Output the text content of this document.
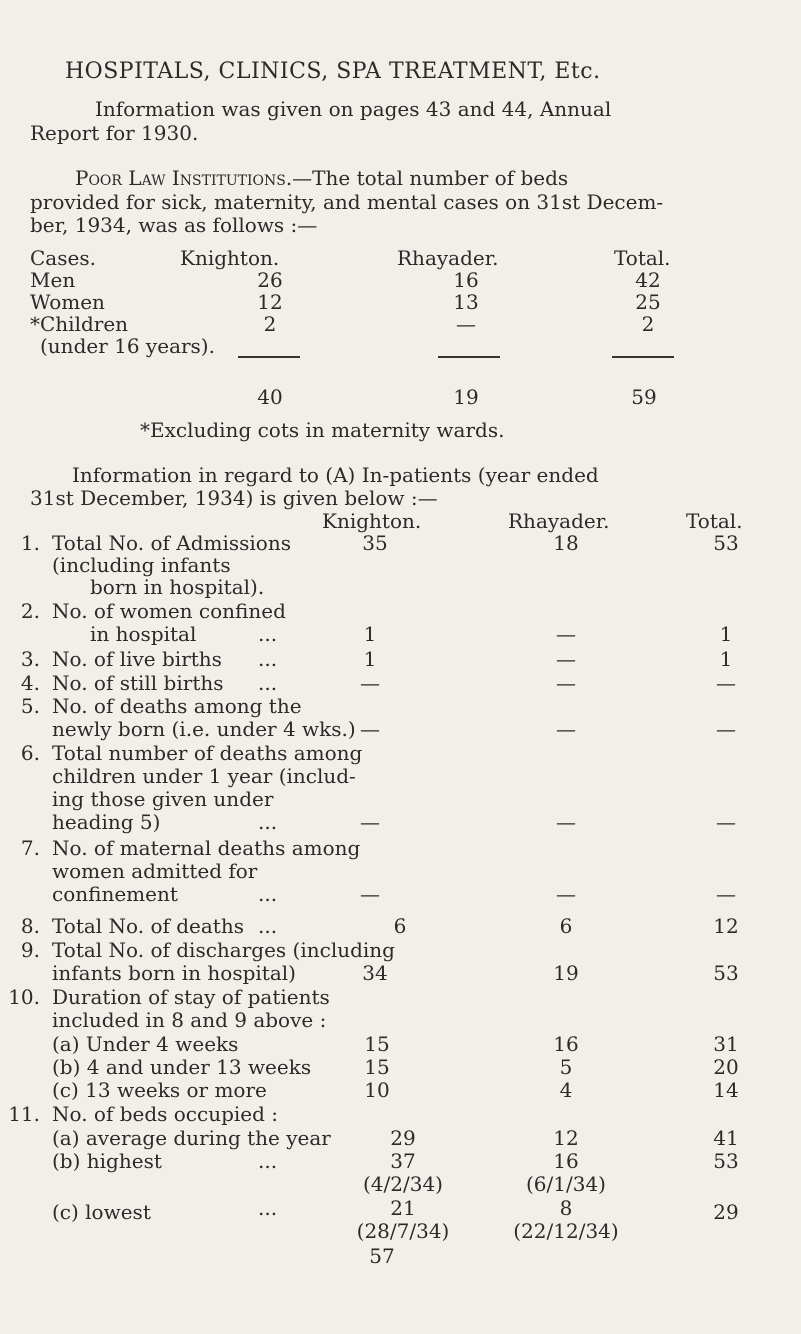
HOSPITALS, CLINICS, SPA TREATMENT, Etc.
Information was given on pages 43 and 44, Annual
Report for 1930.
Poor Law Institutions.—The total number of beds
provided for sick, maternity, and mental cases on 31st Decem-
ber, 1934, was as follows :—
Cases.	Knighton.	Rhayader.	Total.
Men	26	16	42
Women	12	13	25
*Children	2	—	2
(under 16 years).
40	19	59
*Excluding cots in maternity wards.
Information in regard to (A) In-patients (year ended
31st December, 1934) is given below :—
Knighton.	Rhayader.	Total.
1. Total No. of Admissions
(including infants
born in hospital).
35	18	53
2. No. of women confined
in hospital	...	1	—	1
3. No. of live births ...	1	—	1
4. No. of still births ...	—	—	—
5. No. of deaths among the
newly born (i.e. under 4 wks.) —	—	—
6. Total number of deaths among
children under 1 year (includ-
ing those given under
heading 5)	...	—	—	—
7. No. of maternal deaths among
women admitted for
confinement	...	—	—	—
8. Total No. of deaths ...	6	6	12
9. Total No. of discharges (including
infants born in hospital)	34	19	53
10. Duration of stay of patients
included in 8 and 9 above :
(a) Under 4 weeks	15	16	31
(b) 4 and under 13 weeks	15	5	20
(c) 13 weeks or more	10	4	14
11. No. of beds occupied :
(a) average during the year	29	12	41
(b) highest	...	37	16	53
(4/2/34)	(6/1/34)
(c) lowest	...	21	8	29
(28/7/34)	(22/12/34)
57
